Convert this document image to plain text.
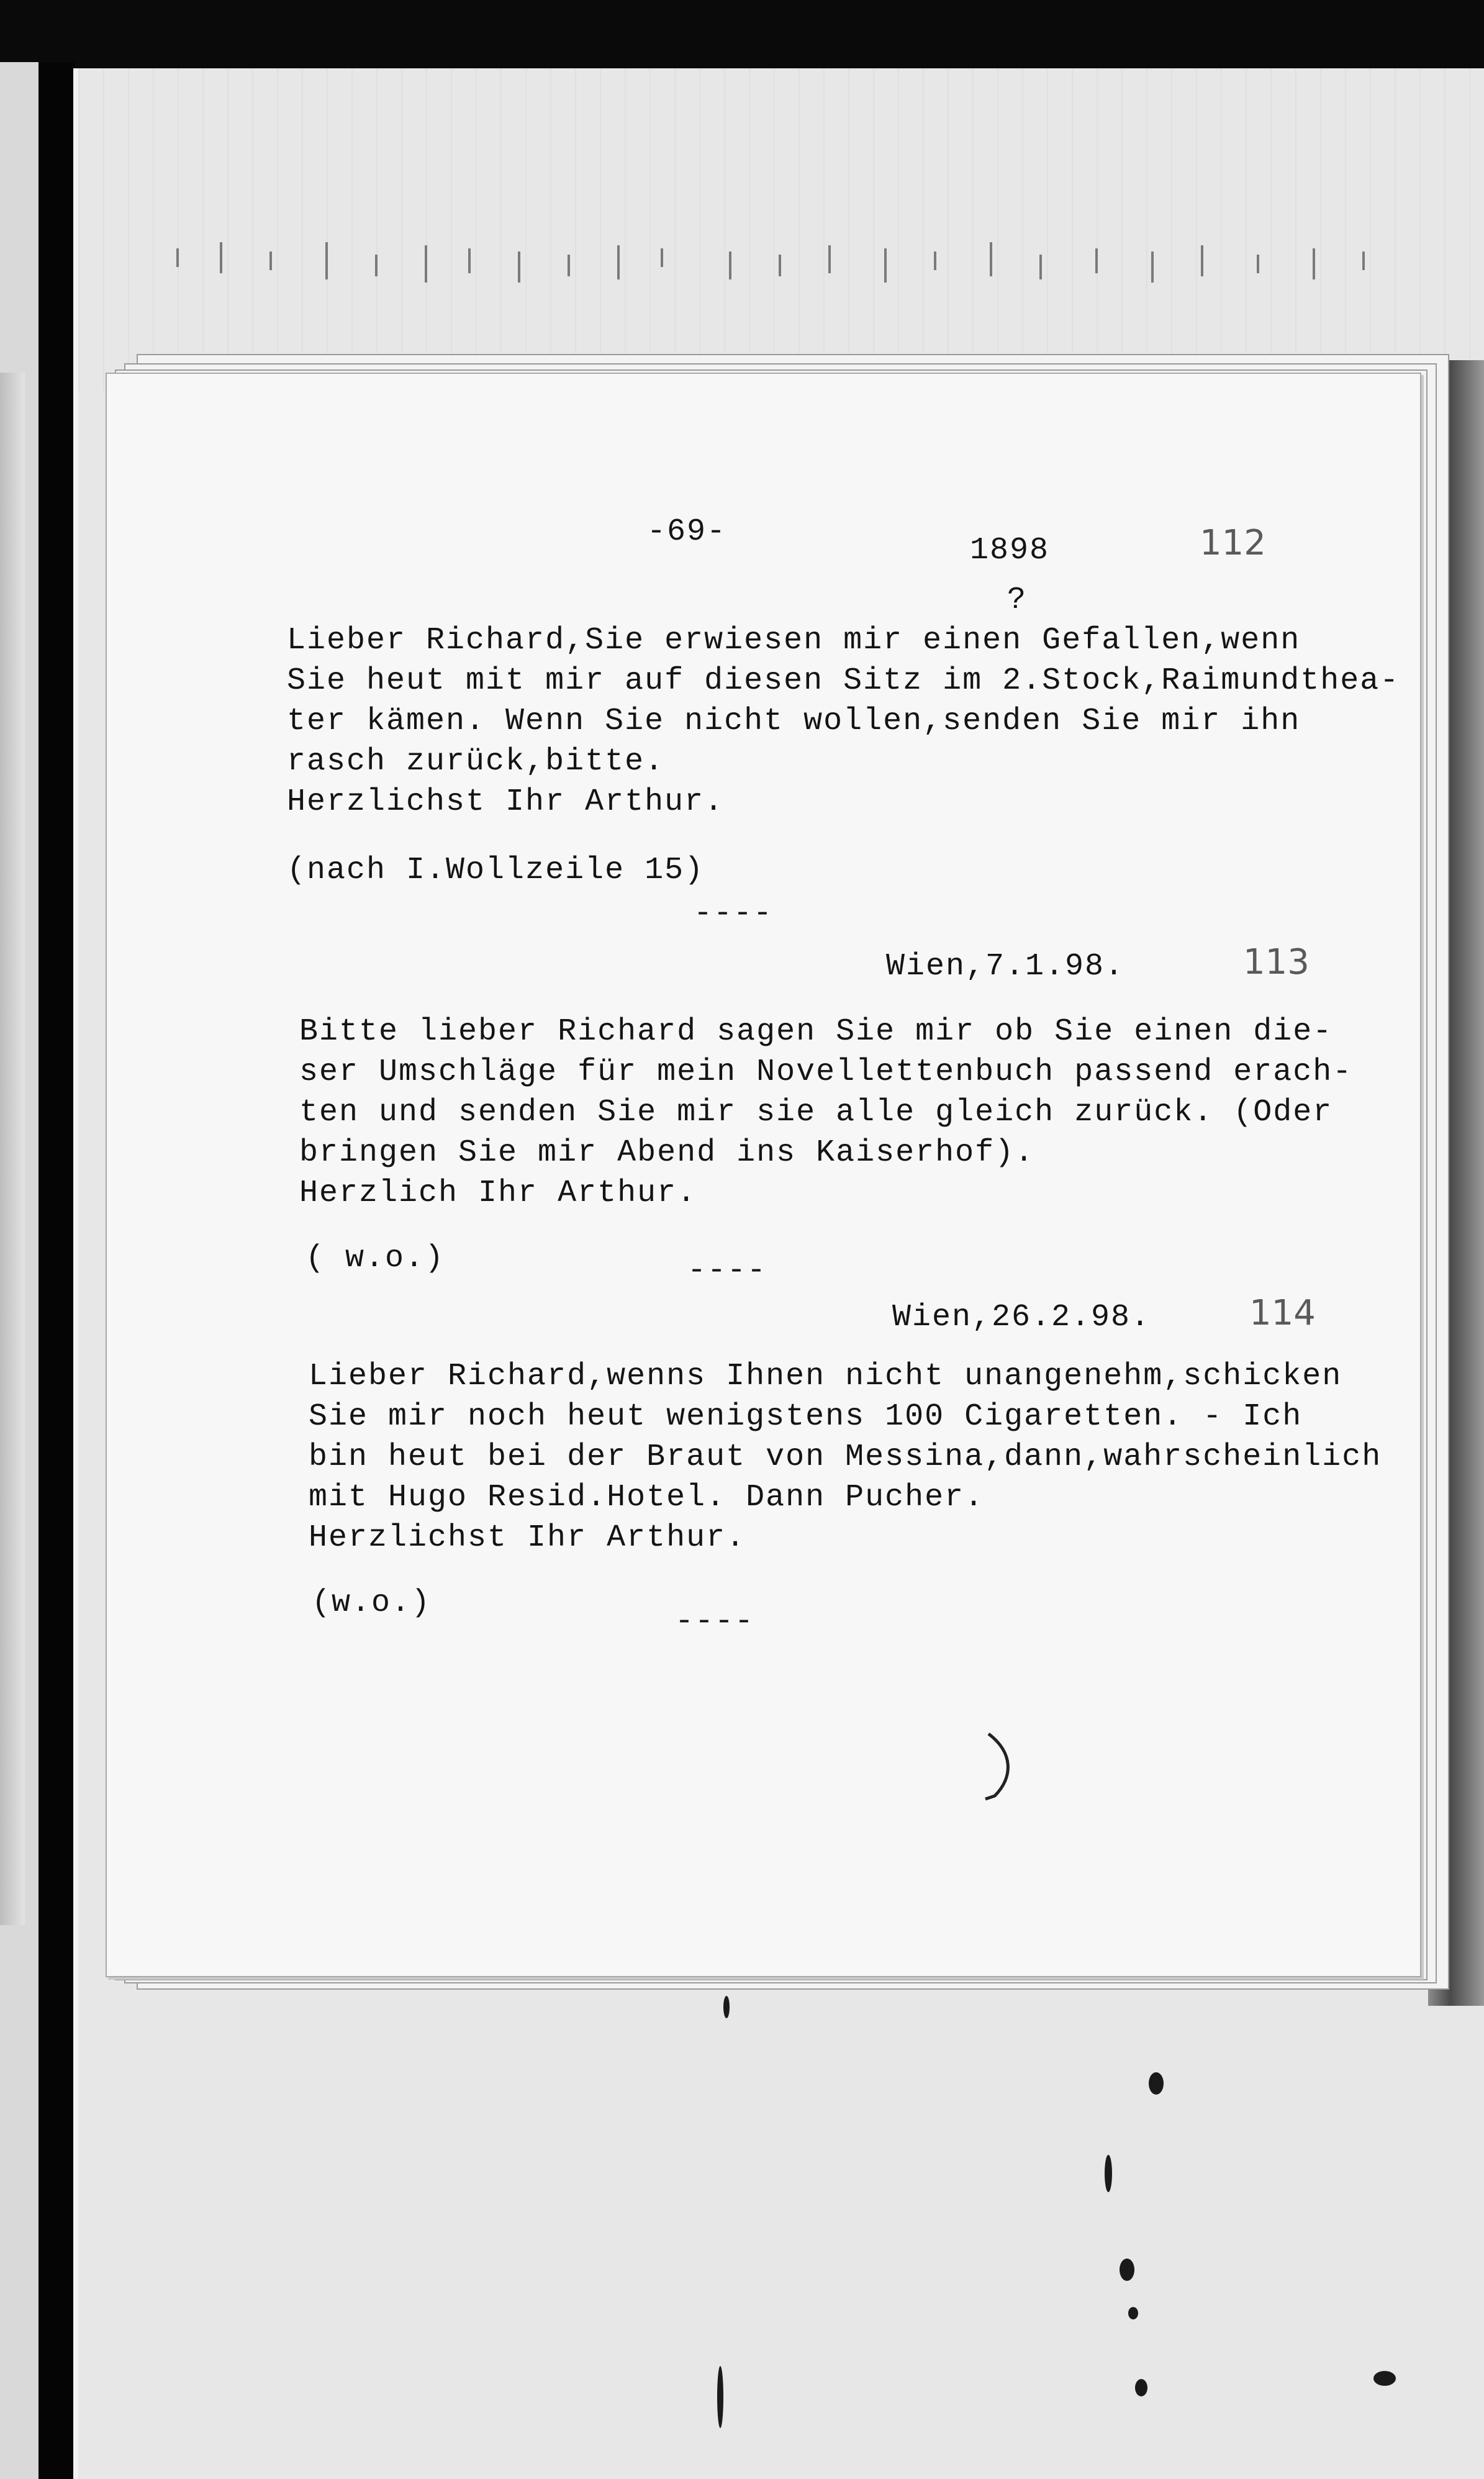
-69-
1898	112
?
Lieber Richard,Sie erwiesen mir einen Gefallen,wenn
Sie heut mit mir auf diesen Sitz im 2.Stock,Raimundthea-
ter kämen. Wenn Sie nicht wollen,senden Sie mir ihn
rasch zurück,bitte.
Herzlichst Ihr Arthur.
(nach I.Wollzeile 15)
----
Wien,7.1.98.	113
Bitte lieber Richard sagen Sie mir ob Sie einen die-
ser Umschläge für mein Novellettenbuch passend erach-
ten und senden Sie mir sie alle gleich zurück. (Oder
bringen Sie mir Abend ins Kaiserhof).
Herzlich Ihr Arthur.
( w.o.)	----
Wien,26.2.98.	114
Lieber Richard,wenns Ihnen nicht unangenehm,schicken
Sie mir noch heut wenigstens 100 Cigaretten. - Ich
bin heut bei der Braut von Messina,dann,wahrscheinlich
mit Hugo Resid.Hotel. Dann Pucher.
Herzlichst Ihr Arthur.
(w.o.)
----
